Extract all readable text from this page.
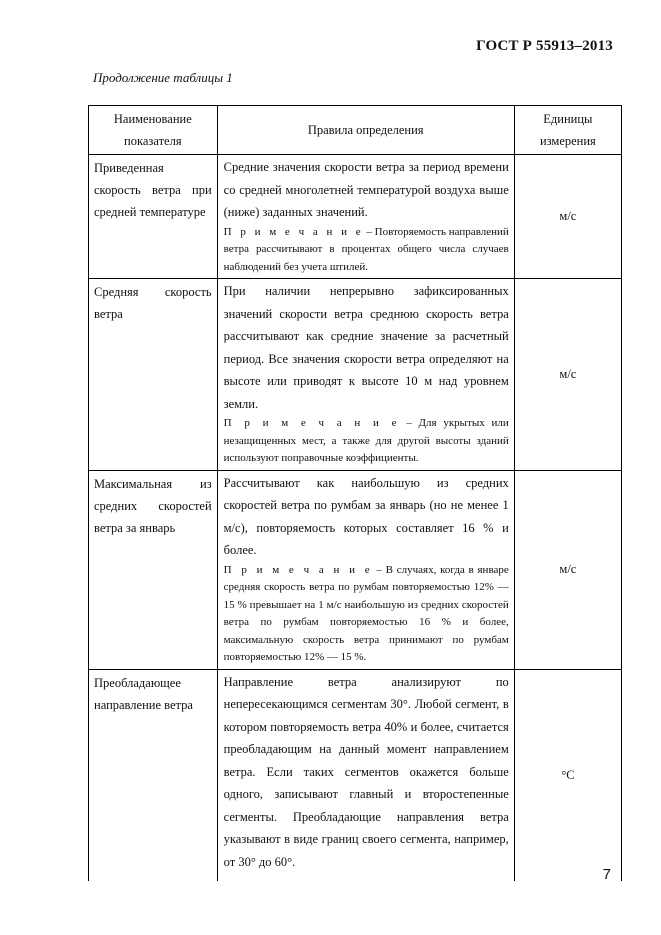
ГОСТ Р 55913–2013
Продолжение таблицы 1
Наименование показателя	Правила определения	Единицы измерения

Приведенная скорость ветра при средней температуре	Средние значения скорости ветра за период времени со средней многолетней температурой воздуха выше (ниже) заданных значений.
П р и м е ч а н и е – Повторяемость направлений ветра рассчитывают в процентах общего числа случаев наблюдений без учета штилей.	м/с

Средняя скорость ветра	При наличии непрерывно зафиксированных значений скорости ветра среднюю скорость ветра рассчитывают как средние значение за расчетный период. Все значения скорости ветра определяют на высоте или приводят к высоте 10 м над уровнем земли.
П р и м е ч а н и е – Для укрытых или незащищенных мест, а также для другой высоты зданий используют поправочные коэффициенты.	м/с

Максимальная из средних скоростей ветра за январь	Рассчитывают как наибольшую из средних скоростей ветра по румбам за январь (но не менее 1 м/с), повторяемость которых составляет 16 % и более.
П р и м е ч а н и е – В случаях, когда в январе средняя скорость ветра по румбам повторяемостью 12% — 15 % превышает на 1 м/с наибольшую из средних скоростей ветра по румбам повторяемостью 16 % и более, максимальную скорость ветра принимают по румбам повторяемостью 12% — 15 %.	м/с

Преобладающее направление ветра	Направление ветра анализируют по непересекающимся сегментам 30°. Любой сегмент, в котором повторяемость ветра 40% и более, считается преобладающим на данный момент направлением ветра. Если таких сегментов окажется больше одного, записывают главный и второстепенные сегменты. Преобладающие направления ветра указывают в виде границ своего сегмента, например, от 30° до 60°.	°С
7
